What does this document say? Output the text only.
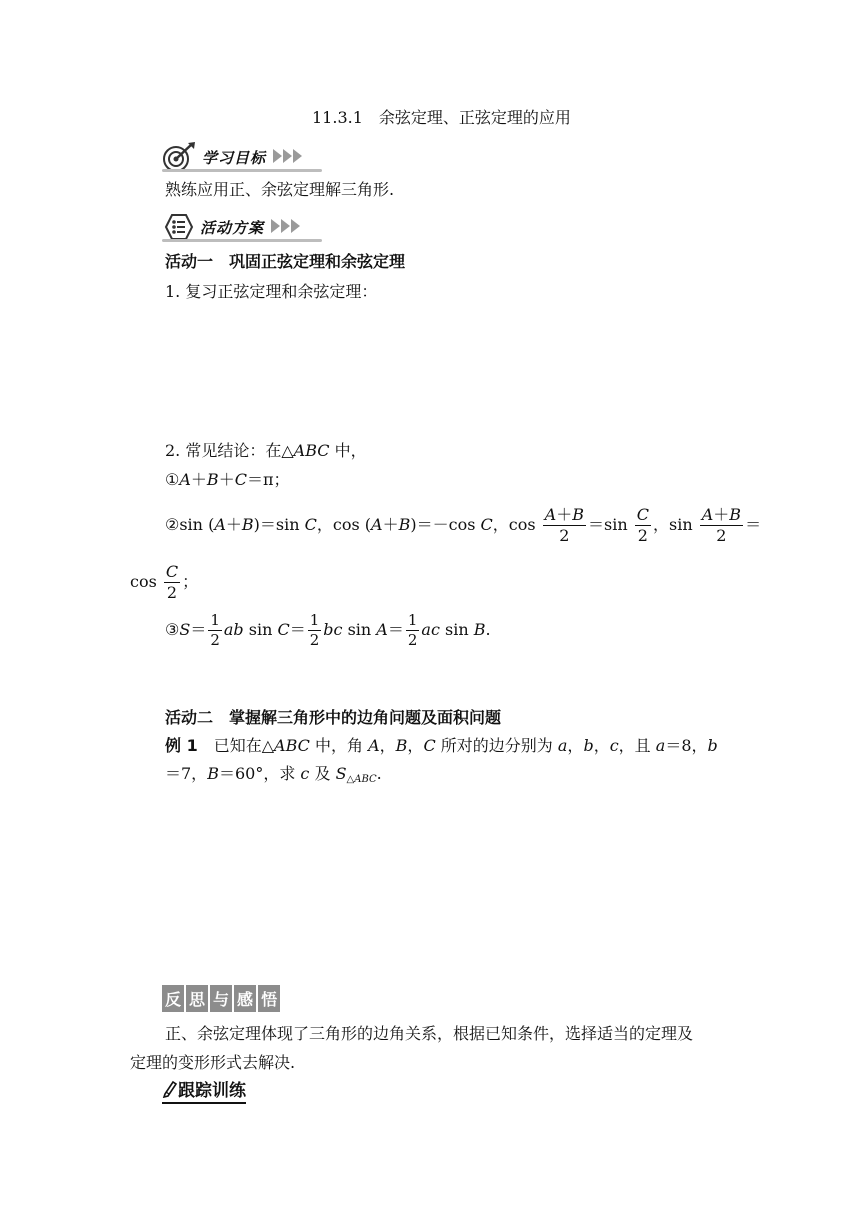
11.3.1　余弦定理、正弦定理的应用
学习目标
熟练应用正、余弦定理解三角形.
活动方案
活动一　巩固正弦定理和余弦定理
1. 复习正弦定理和余弦定理：
2. 常见结论：在△ABC 中，
①A＋B＋C＝π；
②sin (A＋B)＝sin C，cos (A＋B)＝－cos C，$\cos \frac{A+B}{2} =\sin \frac{C}{2}$ ，$\sin \frac{A+B}{2}$ ＝
$\cos \frac{C}{2}$ ；
③S＝ $\frac{1}{2}$ ab $\sin C= \frac{1}{2}$ bc $\sin A= \frac{1}{2}$ ac sin B.
活动二　掌握解三角形中的边角问题及面积问题
例 1　已知在△ABC 中，角 A，B，C 所对的边分别为 a，b，c，且 a＝8，b
＝7，B＝60°，求 c 及 $S_{\triangle ABC}$.
反 思 与 感 悟
正、余弦定理体现了三角形的边角关系，根据已知条件，选择适当的定理及
定理的变形形式去解决.
跟踪训练
